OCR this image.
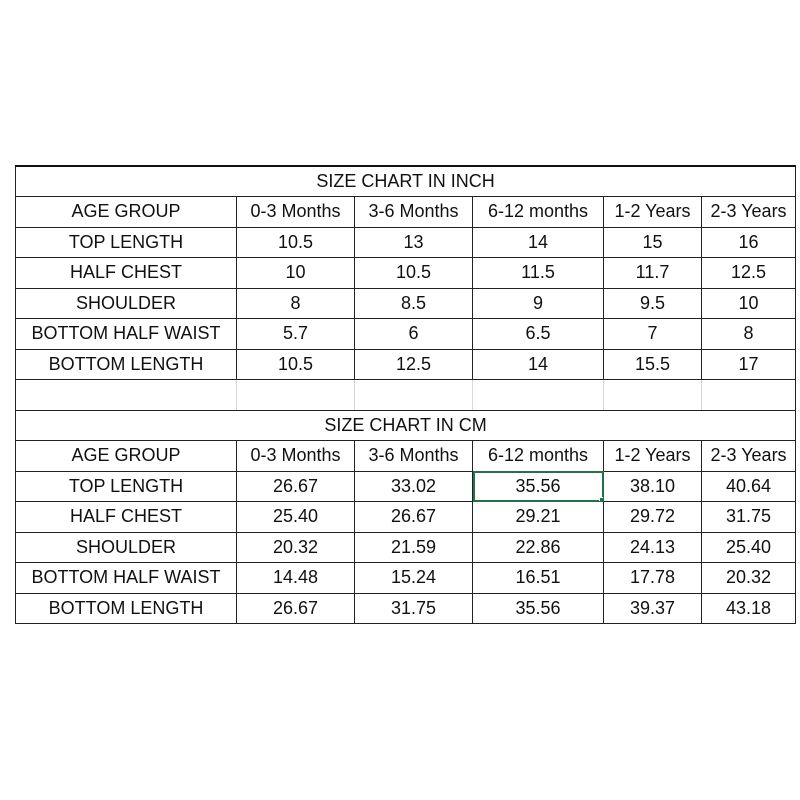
SIZE CHART IN INCH					
AGE GROUP	0-3 Months	3-6 Months	6-12 months	1-2 Years	2-3 Years
TOP LENGTH	10.5	13	14	15	16
HALF CHEST	10	10.5	11.5	11.7	12.5
SHOULDER	8	8.5	9	9.5	10
BOTTOM HALF WAIST	5.7	6	6.5	7	8
BOTTOM LENGTH	10.5	12.5	14	15.5	17

SIZE CHART IN CM					
AGE GROUP	0-3 Months	3-6 Months	6-12 months	1-2 Years	2-3 Years
TOP LENGTH	26.67	33.02	35.56	38.10	40.64
HALF CHEST	25.40	26.67	29.21	29.72	31.75
SHOULDER	20.32	21.59	22.86	24.13	25.40
BOTTOM HALF WAIST	14.48	15.24	16.51	17.78	20.32
BOTTOM LENGTH	26.67	31.75	35.56	39.37	43.18
